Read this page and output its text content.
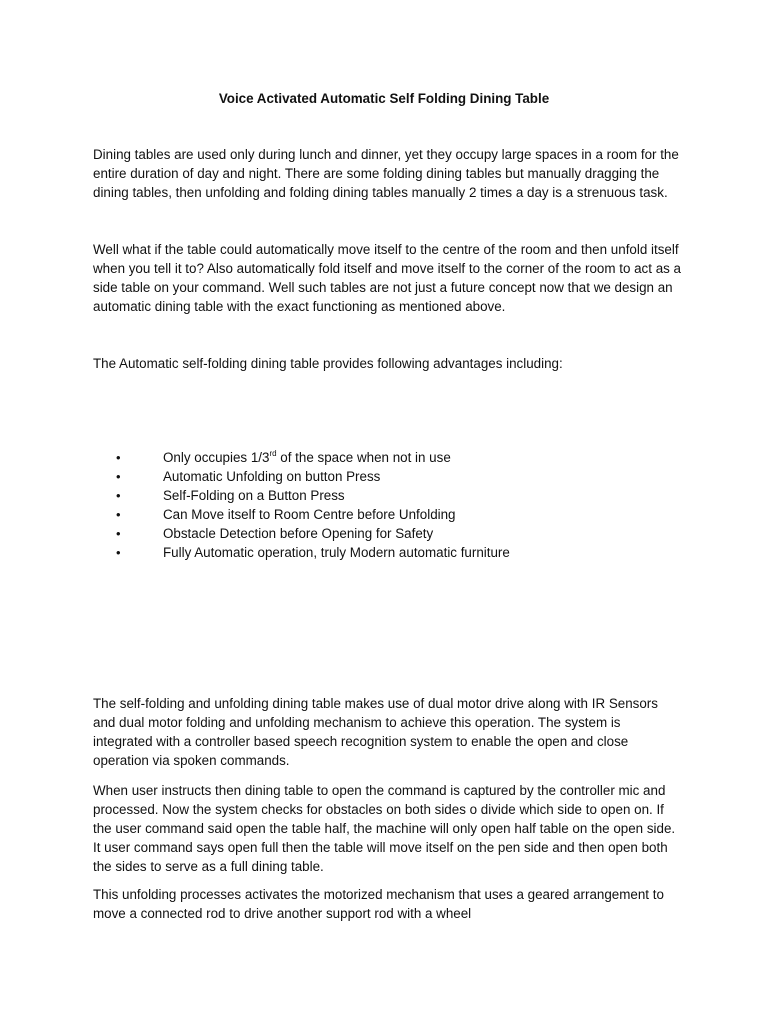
Voice Activated Automatic Self Folding Dining Table

Dining tables are used only during lunch and dinner, yet they occupy large spaces in a room for the entire duration of day and night. There are some folding dining tables but manually dragging the dining tables, then unfolding and folding dining tables manually 2 times a day is a strenuous task.

Well what if the table could automatically move itself to the centre of the room and then unfold itself when you tell it to? Also automatically fold itself and move itself to the corner of the room to act as a side table on your command. Well such tables are not just a future concept now that we design an automatic dining table with the exact functioning as mentioned above.

The Automatic self-folding dining table provides following advantages including:

•	Only occupies 1/3rd of the space when not in use
•	Automatic Unfolding on button Press
•	Self-Folding on a Button Press
•	Can Move itself to Room Centre before Unfolding
•	Obstacle Detection before Opening for Safety
•	Fully Automatic operation, truly Modern automatic furniture

The self-folding and unfolding dining table makes use of dual motor drive along with IR Sensors and dual motor folding and unfolding mechanism to achieve this operation. The system is integrated with a controller based speech recognition system to enable the open and close operation via spoken commands.

When user instructs then dining table to open the command is captured by the controller mic and processed. Now the system checks for obstacles on both sides o divide which side to open on. If the user command said open the table half, the machine will only open half table on the open side. It user command says open full then the table will move itself on the pen side and then open both the sides to serve as a full dining table.

This unfolding processes activates the motorized mechanism that uses a geared arrangement to move a connected rod to drive another support rod with a wheel
